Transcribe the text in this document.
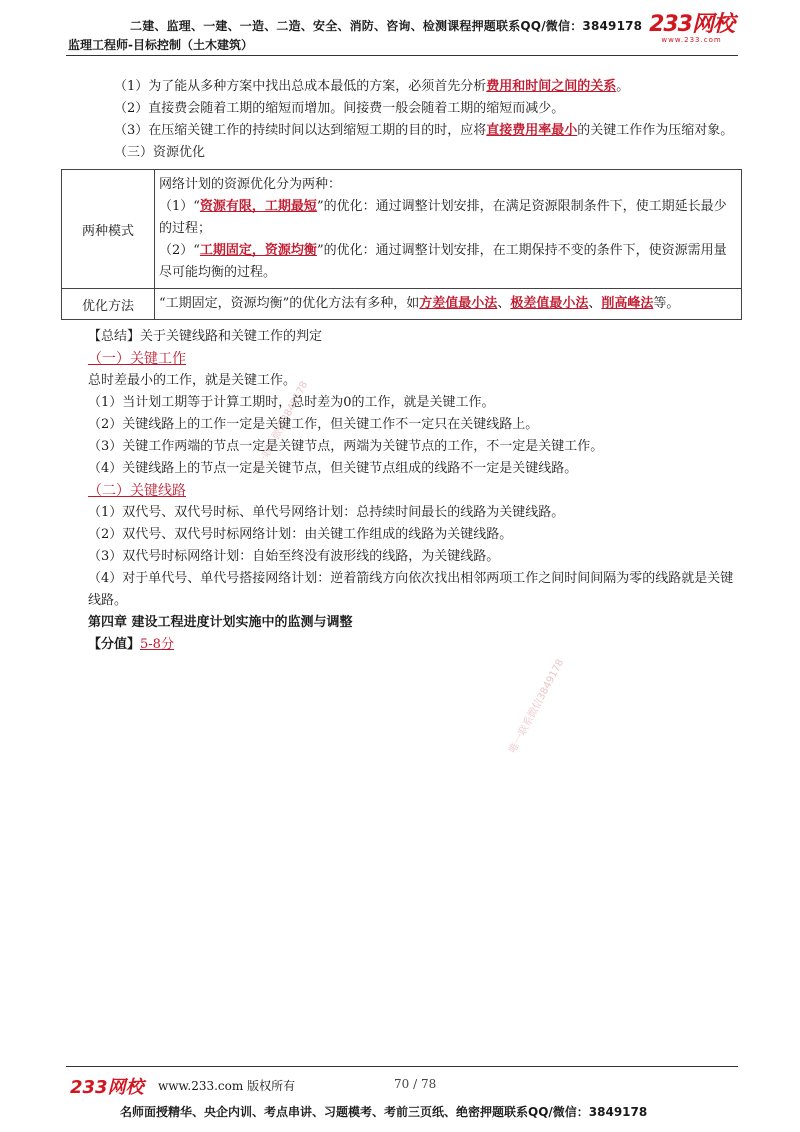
二建、监理、一建、一造、二造、安全、消防、咨询、检测课程押题联系QQ/微信：3849178
监理工程师-目标控制（土木建筑）
233网校
www.233.com
唯一联系微信3849178
唯一联系微信3849178

（1）为了能从多种方案中找出总成本最低的方案，必须首先分析费用和时间之间的关系。

（2）直接费会随着工期的缩短而增加。间接费一般会随着工期的缩短而减少。

（3）在压缩关键工作的持续时间以达到缩短工期的目的时，应将直接费用率最小的关键工作作为压缩对象。

（三）资源优化

两种模式	网络计划的资源优化分为两种：
（1）“资源有限，工期最短”的优化：通过调整计划安排，在满足资源限制条件下，使工期延长最少的过程；
（2）“工期固定，资源均衡”的优化：通过调整计划安排，在工期保持不变的条件下，使资源需用量尽可能均衡的过程。

优化方法	“工期固定，资源均衡”的优化方法有多种，如方差值最小法、极差值最小法、削高峰法等。

【总结】关于关键线路和关键工作的判定

（一）关键工作

总时差最小的工作，就是关键工作。

（1）当计划工期等于计算工期时，总时差为0的工作，就是关键工作。

（2）关键线路上的工作一定是关键工作，但关键工作不一定只在关键线路上。

（3）关键工作两端的节点一定是关键节点，两端为关键节点的工作，不一定是关键工作。

（4）关键线路上的节点一定是关键节点，但关键节点组成的线路不一定是关键线路。

（二）关键线路

（1）双代号、双代号时标、单代号网络计划：总持续时间最长的线路为关键线路。

（2）双代号、双代号时标网络计划：由关键工作组成的线路为关键线路。

（3）双代号时标网络计划：自始至终没有波形线的线路，为关键线路。

（4）对于单代号、单代号搭接网络计划：逆着箭线方向依次找出相邻两项工作之间时间间隔为零的线路就是关键线路。

第四章 建设工程进度计划实施中的监测与调整

【分值】5-8分

233网校 www.233.com 版权所有	70 / 78
名师面授精华、央企内训、考点串讲、习题模考、考前三页纸、绝密押题联系QQ/微信：3849178
